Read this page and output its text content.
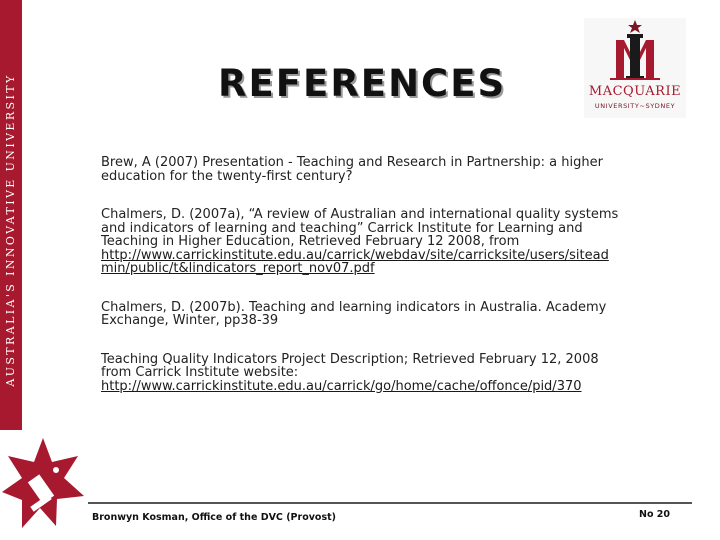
AUSTRALIA'S INNOVATIVE UNIVERSITY	REFERENCES	MACQUARIE
UNIVERSITY~SYDNEY
Brew, A (2007) Presentation - Teaching and Research in Partnership: a higher education for the twenty-first century?
Chalmers, D. (2007a), “A review of Australian and international quality systems and indicators of learning and teaching” Carrick Institute for Learning and Teaching in Higher Education, Retrieved February 12 2008, from
http://www.carrickinstitute.edu.au/carrick/webdav/site/carricksite/users/siteadmin/public/t&lindicators_report_nov07.pdf
Chalmers, D. (2007b). Teaching and learning indicators in Australia. Academy Exchange, Winter, pp38-39
Teaching Quality Indicators Project Description; Retrieved February 12, 2008 from Carrick Institute website:
http://www.carrickinstitute.edu.au/carrick/go/home/cache/offonce/pid/370
Bronwyn Kosman, Office of the DVC (Provost)	No 20
